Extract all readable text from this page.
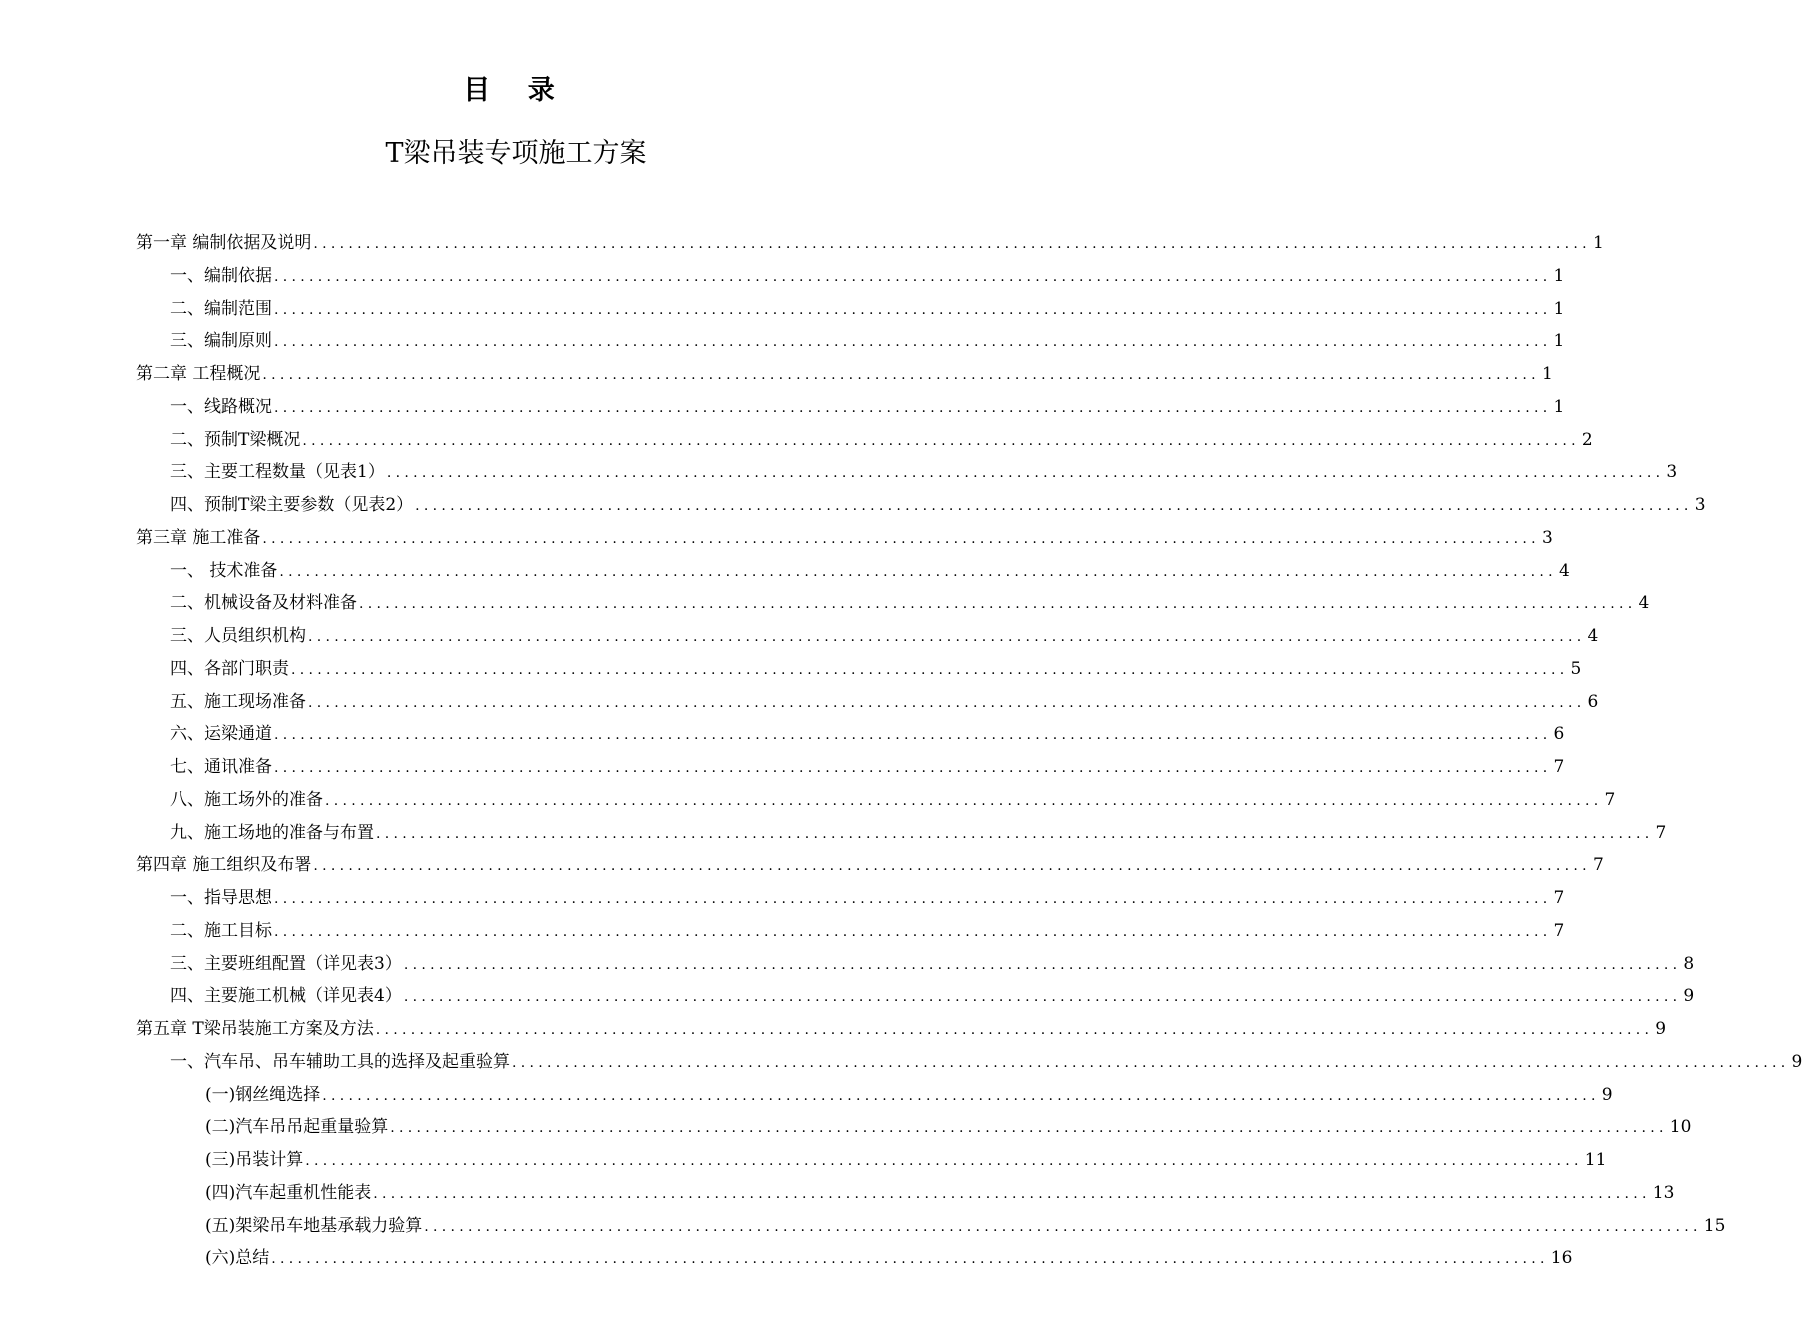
目 录
T梁吊装专项施工方案
第一章 编制依据及说明 .................................................................................................................................................. 1
一、编制依据 .................................................................................................................................................. 1
二、编制范围 .................................................................................................................................................. 1
三、编制原则 .................................................................................................................................................. 1
第二章 工程概况 .................................................................................................................................................. 1
一、线路概况 .................................................................................................................................................. 1
二、预制T梁概况 .................................................................................................................................................. 2
三、主要工程数量（见表1） .................................................................................................................................................. 3
四、预制T梁主要参数（见表2） .................................................................................................................................................. 3
第三章 施工准备 .................................................................................................................................................. 3
一、 技术准备 .................................................................................................................................................. 4
二、机械设备及材料准备 .................................................................................................................................................. 4
三、人员组织机构 .................................................................................................................................................. 4
四、各部门职责 .................................................................................................................................................. 5
五、施工现场准备 .................................................................................................................................................. 6
六、运梁通道 .................................................................................................................................................. 6
七、通讯准备 .................................................................................................................................................. 7
八、施工场外的准备 .................................................................................................................................................. 7
九、施工场地的准备与布置 .................................................................................................................................................. 7
第四章 施工组织及布署 .................................................................................................................................................. 7
一、指导思想 .................................................................................................................................................. 7
二、施工目标 .................................................................................................................................................. 7
三、主要班组配置（详见表3） .................................................................................................................................................. 8
四、主要施工机械（详见表4） .................................................................................................................................................. 9
第五章 T梁吊装施工方案及方法 .................................................................................................................................................. 9
一、汽车吊、吊车辅助工具的选择及起重验算 .................................................................................................................................................. 9
(一)钢丝绳选择 .................................................................................................................................................. 9
(二)汽车吊吊起重量验算 .................................................................................................................................................. 10
(三)吊装计算 .................................................................................................................................................. 11
(四)汽车起重机性能表 .................................................................................................................................................. 13
(五)架梁吊车地基承载力验算 .................................................................................................................................................. 15
(六)总结 .................................................................................................................................................. 16
